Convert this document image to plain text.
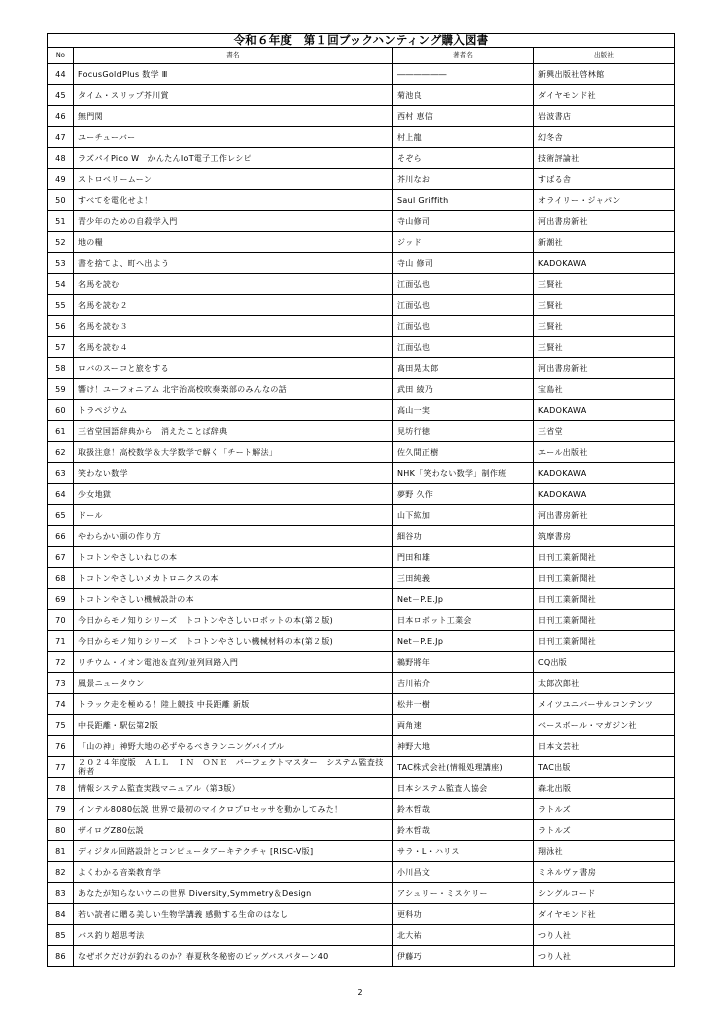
令和６年度　第１回ブックハンティング購入図書
No	書名	著者名	出版社
44	FocusGoldPlus 数学 Ⅲ	――――――	新興出版社啓林館
45	タイム・スリップ芥川賞	菊池良	ダイヤモンド社
46	無門関	西村 恵信	岩波書店
47	ユーチューバー	村上龍	幻冬舎
48	ラズパイPico W　かんたんIoT電子工作レシピ	そぞら	技術評論社
49	ストロベリームーン	芥川なお	すばる舎
50	すべてを電化せよ！	Saul Griffith	オライリー・ジャパン
51	青少年のための自殺学入門	寺山修司	河出書房新社
52	地の糧	ジッド	新潮社
53	書を捨てよ、町へ出よう	寺山 修司	KADOKAWA
54	名馬を読む	江面弘也	三賢社
55	名馬を読む２	江面弘也	三賢社
56	名馬を読む３	江面弘也	三賢社
57	名馬を読む４	江面弘也	三賢社
58	ロバのスーコと旅をする	髙田晃太郎	河出書房新社
59	響け！ユーフォニアム 北宇治高校吹奏楽部のみんなの話	武田 綾乃	宝島社
60	トラペジウム	高山一実	KADOKAWA
61	三省堂国語辞典から　消えたことば辞典	見坊行徳	三省堂
62	取扱注意！高校数学＆大学数学で解く「チート解法」	佐久間正樹	エール出版社
63	笑わない数学	NHK「笑わない数学」制作班	KADOKAWA
64	少女地獄	夢野 久作	KADOKAWA
65	ドール	山下紘加	河出書房新社
66	やわらかい頭の作り方	細谷功	筑摩書房
67	トコトンやさしいねじの本	門田和雄	日刊工業新聞社
68	トコトンやさしいメカトロニクスの本	三田純義	日刊工業新聞社
69	トコトンやさしい機械設計の本	Net－P.E.Jp	日刊工業新聞社
70	今日からモノ知りシリーズ　トコトンやさしいロボットの本(第２版)	日本ロボット工業会	日刊工業新聞社
71	今日からモノ知りシリーズ　トコトンやさしい機械材料の本(第２版)	Net－P.E.Jp	日刊工業新聞社
72	リチウム・イオン電池＆直列/並列回路入門	鵜野將年	CQ出版
73	風景ニュータウン	吉川祐介	太郎次郎社
74	トラック走を極める！陸上競技 中長距離 新版	松井一樹	メイツユニバーサルコンテンツ
75	中長距離・駅伝第2版	両角速	ベースボール・マガジン社
76	「山の神」神野大地の必ずやるべきランニングバイブル	神野大地	日本文芸社
77	２０２４年度版　ＡＬＬ　ＩＮ　ＯＮＥ　パーフェクトマスター　システム監査技術者	TAC株式会社(情報処理講座)	TAC出版
78	情報システム監査実践マニュアル（第3版）	日本システム監査人協会	森北出版
79	インテル8080伝説 世界で最初のマイクロプロセッサを動かしてみた！	鈴木哲哉	ラトルズ
80	ザイログZ80伝説	鈴木哲哉	ラトルズ
81	ディジタル回路設計とコンピュータアーキテクチャ [RISC-V版]	サラ・L・ハリス	翔泳社
82	よくわかる音楽教育学	小川昌文	ミネルヴァ書房
83	あなたが知らないウニの世界 Diversity,Symmetry＆Design	アシュリー・ミスケリー	シングルコード
84	若い読者に贈る美しい生物学講義 感動する生命のはなし	更科功	ダイヤモンド社
85	バス釣り超思考法	北大祐	つり人社
86	なぜボクだけが釣れるのか？春夏秋冬秘密のビッグバスパターン40	伊藤巧	つり人社
2
